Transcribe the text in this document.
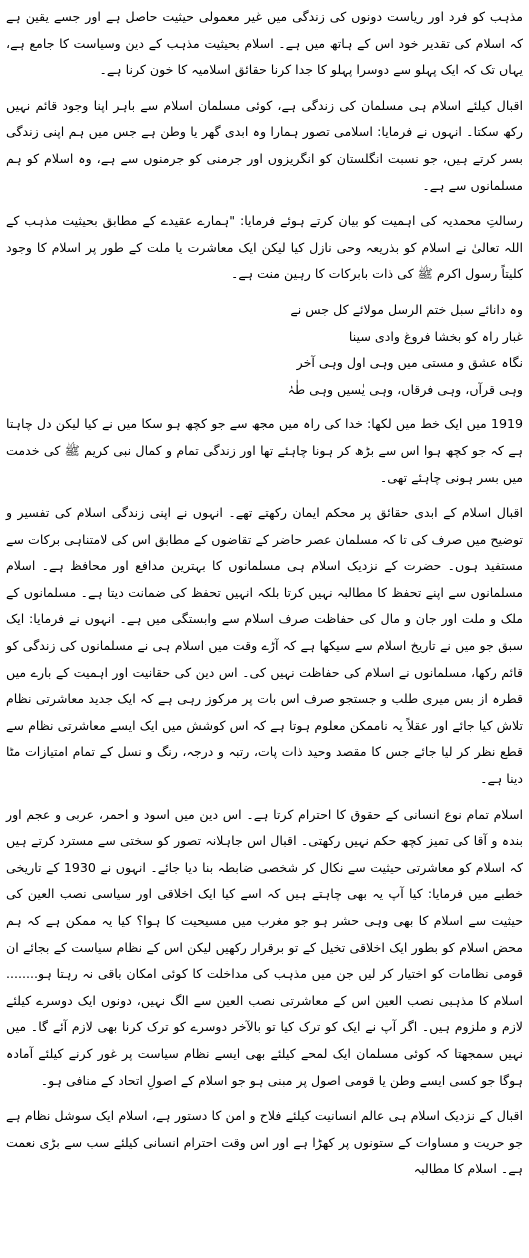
مذہب کو فرد اور ریاست دونوں کی زندگی میں غیر معمولی حیثیت حاصل ہے اور جسے یقین ہے کہ اسلام کی تقدیر خود اس کے ہاتھ میں ہے۔ اسلام بحیثیت مذہب کے دین وسیاست کا جامع ہے، یہاں تک کہ ایک پہلو سے دوسرا پہلو کا جدا کرنا حقائق اسلامیہ کا خون کرنا ہے۔

اقبال کیلئے اسلام ہی مسلمان کی زندگی ہے، کوئی مسلمان اسلام سے باہر اپنا وجود قائم نہیں رکھ سکتا۔ انہوں نے فرمایا: اسلامی تصور ہمارا وہ ابدی گھر یا وطن ہے جس میں ہم اپنی زندگی بسر کرتے ہیں، جو نسبت انگلستان کو انگریزوں اور جرمنی کو جرمنوں سے ہے، وہ اسلام کو ہم مسلمانوں سے ہے۔

رسالتِ محمدیہ کی اہمیت کو بیان کرتے ہوئے فرمایا: "ہمارے عقیدے کے مطابق بحیثیت مذہب کے اللہ تعالیٰ نے اسلام کو بذریعہ وحی نازل کیا لیکن ایک معاشرت یا ملت کے طور پر اسلام کا وجود کلیتاً رسول اکرم ﷺ کی ذات بابرکات کا رہین منت ہے۔

وہ دانائے سبل ختم الرسل مولائے کل جس نے

غبار راہ کو بخشا فروغ وادی سینا

نگاہ عشق و مستی میں وہی اول وہی آخر

وہی قرآں، وہی فرقاں، وہی یٰسیں وہی طٰہٰ

1919 میں ایک خط میں لکھا: خدا کی راہ میں مجھ سے جو کچھ ہو سکا میں نے کیا لیکن دل چاہتا ہے کہ جو کچھ ہوا اس سے بڑھ کر ہونا چاہئے تھا اور زندگی تمام و کمال نبی کریم ﷺ کی خدمت میں بسر ہونی چاہئے تھی۔

اقبال اسلام کے ابدی حقائق پر محکم ایمان رکھتے تھے۔ انہوں نے اپنی زندگی اسلام کی تفسیر و توضیح میں صرف کی تا کہ مسلمان عصر حاضر کے تقاضوں کے مطابق اس کی لامتناہی برکات سے مستفید ہوں۔ حضرت کے نزدیک اسلام ہی مسلمانوں کا بہترین مدافع اور محافظ ہے۔ اسلام مسلمانوں سے اپنے تحفظ کا مطالبہ نہیں کرتا بلکہ انہیں تحفظ کی ضمانت دیتا ہے۔ مسلمانوں کے ملک و ملت اور جان و مال کی حفاظت صرف اسلام سے وابستگی میں ہے۔ انہوں نے فرمایا: ایک سبق جو میں نے تاریخ اسلام سے سیکھا ہے کہ آڑے وقت میں اسلام ہی نے مسلمانوں کی زندگی کو قائم رکھا، مسلمانوں نے اسلام کی حفاظت نہیں کی۔ اس دین کی حقانیت اور اہمیت کے بارے میں قطرہ از بس میری طلب و جستجو صرف اس بات پر مرکوز رہی ہے کہ ایک جدید معاشرتی نظام تلاش کیا جائے اور عقلاً یہ ناممکن معلوم ہوتا ہے کہ اس کوشش میں ایک ایسے معاشرتی نظام سے قطع نظر کر لیا جائے جس کا مقصد وحید ذات پات، رتبہ و درجہ، رنگ و نسل کے تمام امتیازات مٹا دینا ہے۔

اسلام تمام نوع انسانی کے حقوق کا احترام کرتا ہے۔ اس دین میں اسود و احمر، عربی و عجم اور بندہ و آقا کی تمیز کچھ حکم نہیں رکھتی۔ اقبال اس جاہلانہ تصور کو سختی سے مسترد کرتے ہیں کہ اسلام کو معاشرتی حیثیت سے نکال کر شخصی ضابطہ بنا دیا جائے۔ انہوں نے 1930 کے تاریخی خطبے میں فرمایا: کیا آپ یہ بھی چاہتے ہیں کہ اسے کیا ایک اخلاقی اور سیاسی نصب العین کی حیثیت سے اسلام کا بھی وہی حشر ہو جو مغرب میں مسیحیت کا ہوا؟ کیا یہ ممکن ہے کہ ہم محض اسلام کو بطور ایک اخلاقی تخیل کے تو برقرار رکھیں لیکن اس کے نظام سیاست کے بجائے ان قومی نظامات کو اختیار کر لیں جن میں مذہب کی مداخلت کا کوئی امکان باقی نہ رہتا ہو........ اسلام کا مذہبی نصب العین اس کے معاشرتی نصب العین سے الگ نہیں، دونوں ایک دوسرے کیلئے لازم و ملزوم ہیں۔ اگر آپ نے ایک کو ترک کیا تو بالآخر دوسرے کو ترک کرنا بھی لازم آئے گا۔ میں نہیں سمجھتا کہ کوئی مسلمان ایک لمحے کیلئے بھی ایسے نظام سیاست پر غور کرنے کیلئے آمادہ ہوگا جو کسی ایسے وطن یا قومی اصول پر مبنی ہو جو اسلام کے اصولِ اتحاد کے منافی ہو۔

اقبال کے نزدیک اسلام ہی عالم انسانیت کیلئے فلاح و امن کا دستور ہے، اسلام ایک سوشل نظام ہے جو حریت و مساوات کے ستونوں پر کھڑا ہے اور اس وقت احترام انسانی کیلئے سب سے بڑی نعمت ہے۔ اسلام کا مطالبہ
